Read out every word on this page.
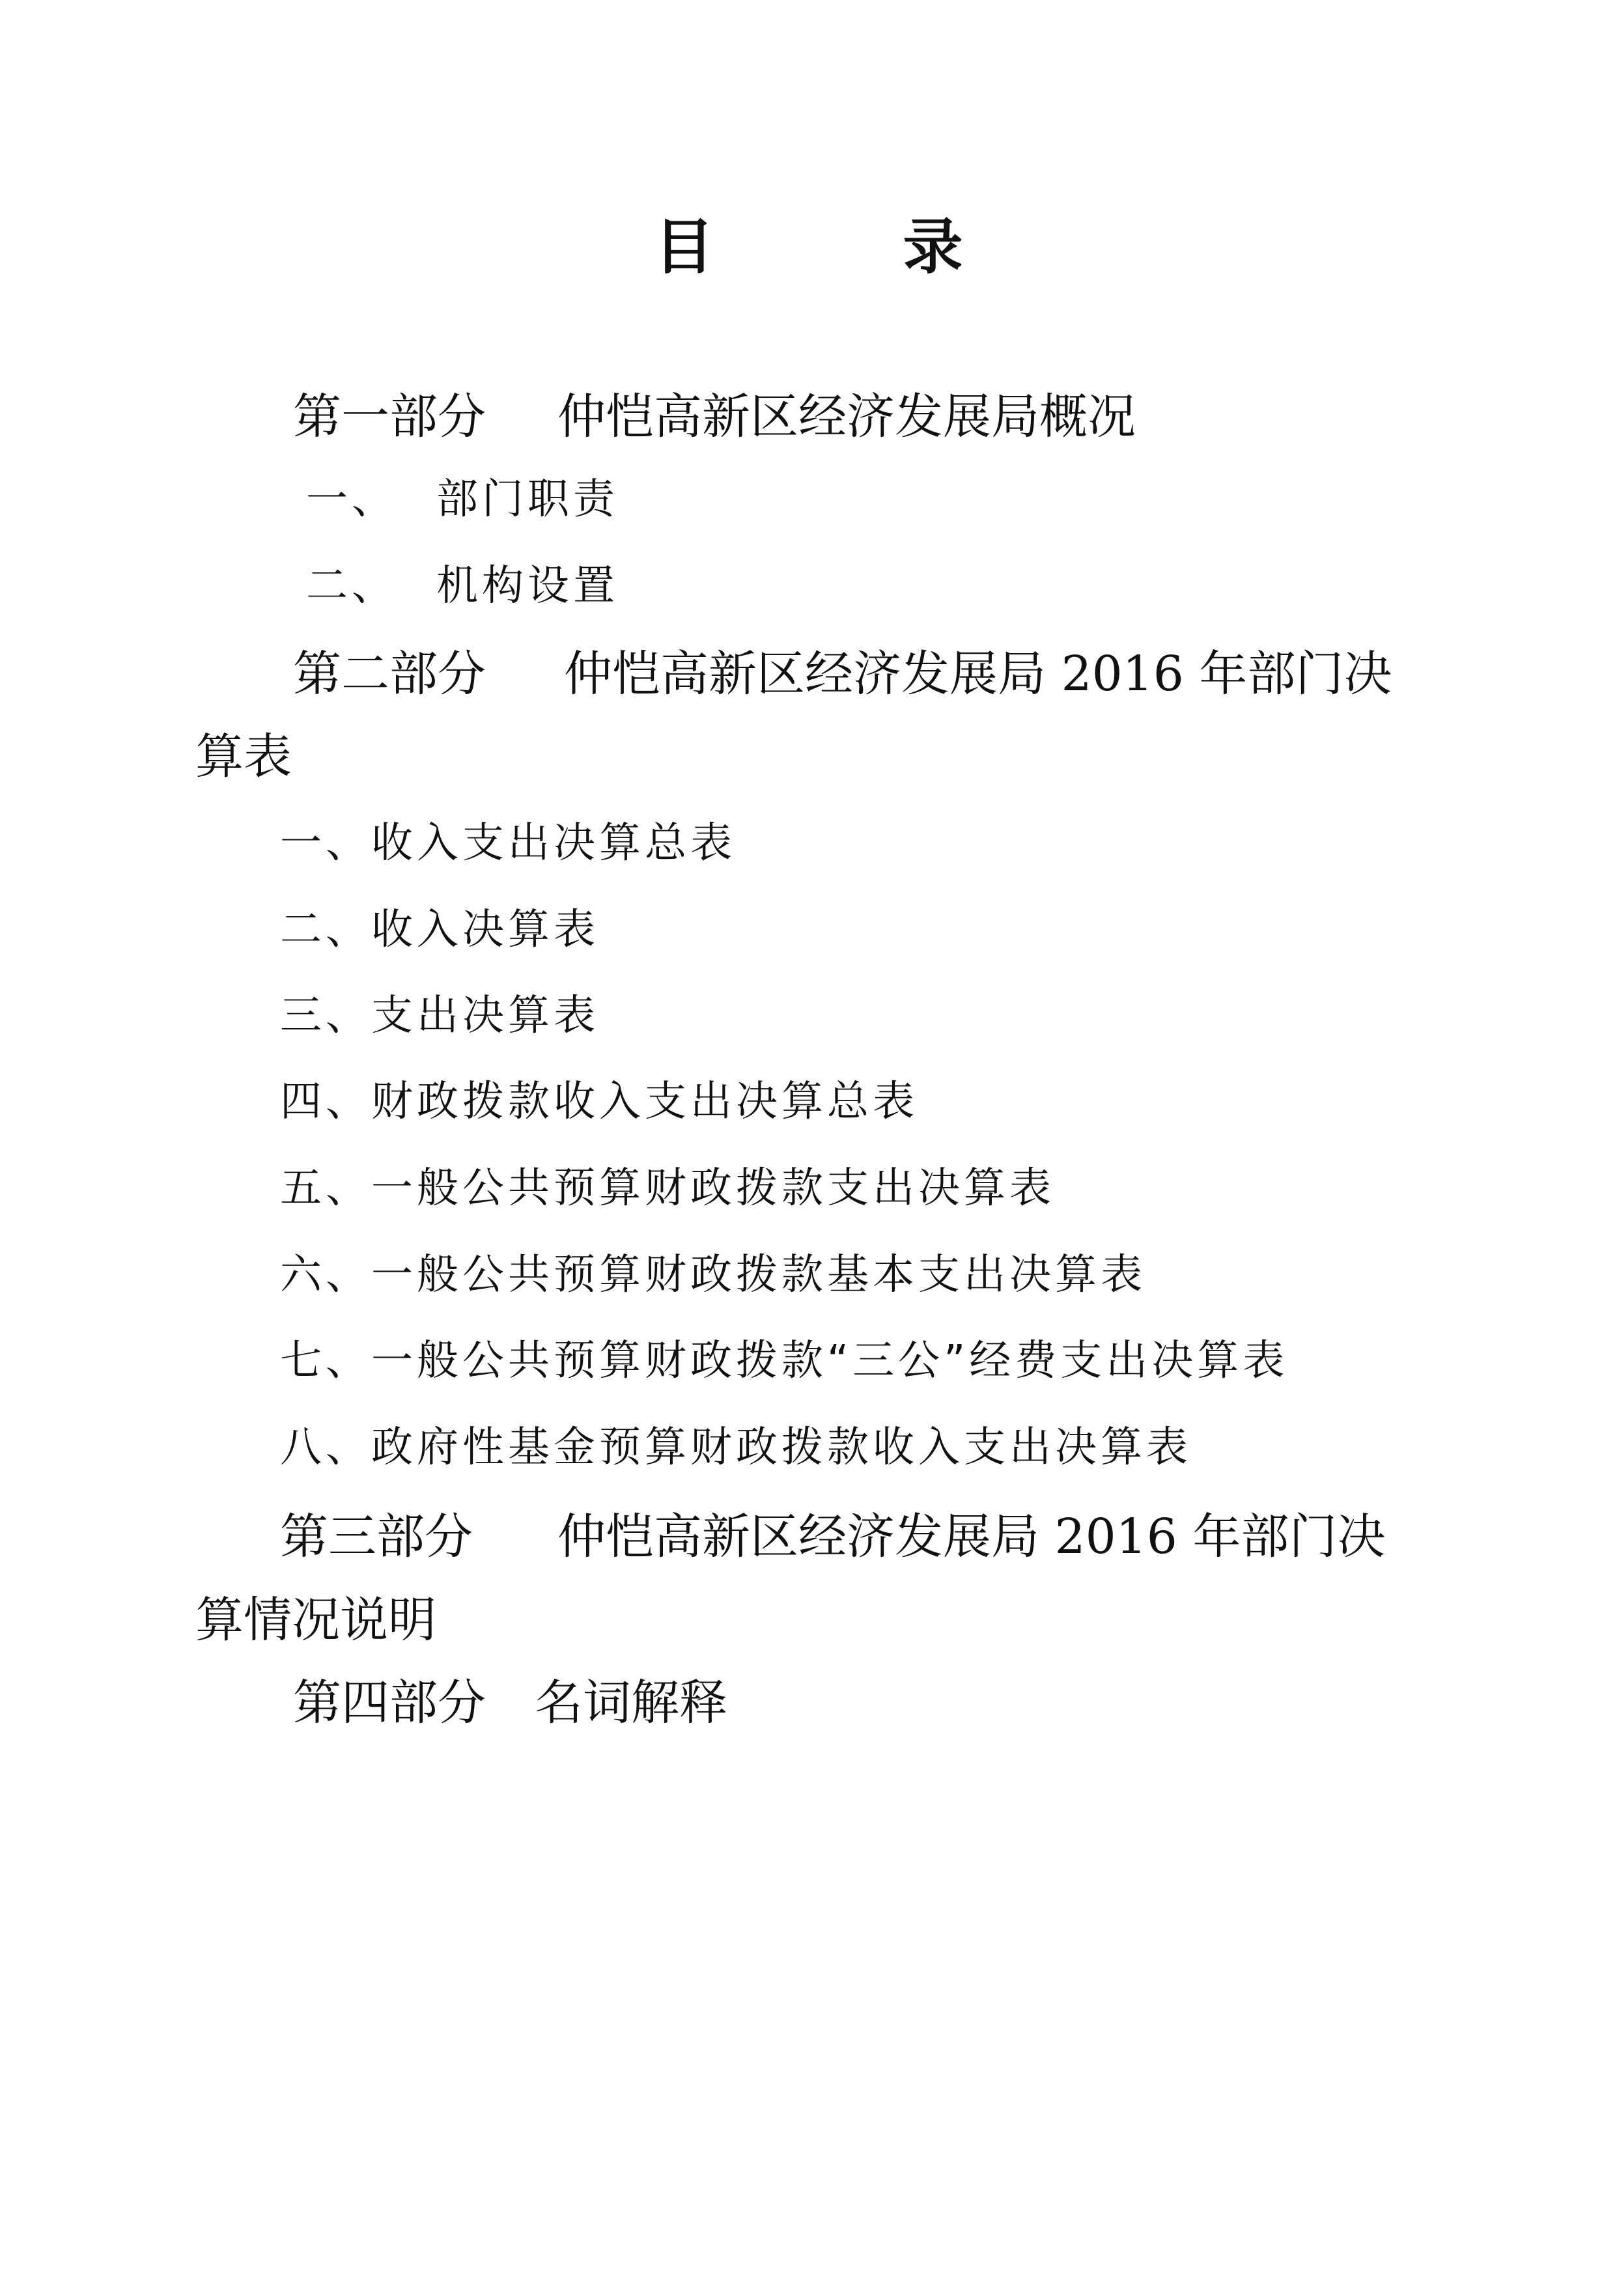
目	录
第一部分 仲恺高新区经济发展局概况
一、 部门职责
二、 机构设置
第二部分 仲恺高新区经济发展局 2016 年部门决
算表
一、收入支出决算总表
二、收入决算表
三、支出决算表
四、财政拨款收入支出决算总表
五、一般公共预算财政拨款支出决算表
六、一般公共预算财政拨款基本支出决算表
七、一般公共预算财政拨款“三公”经费支出决算表
八、政府性基金预算财政拨款收入支出决算表
第三部分 仲恺高新区经济发展局 2016 年部门决
算情况说明
第四部分 名词解释
